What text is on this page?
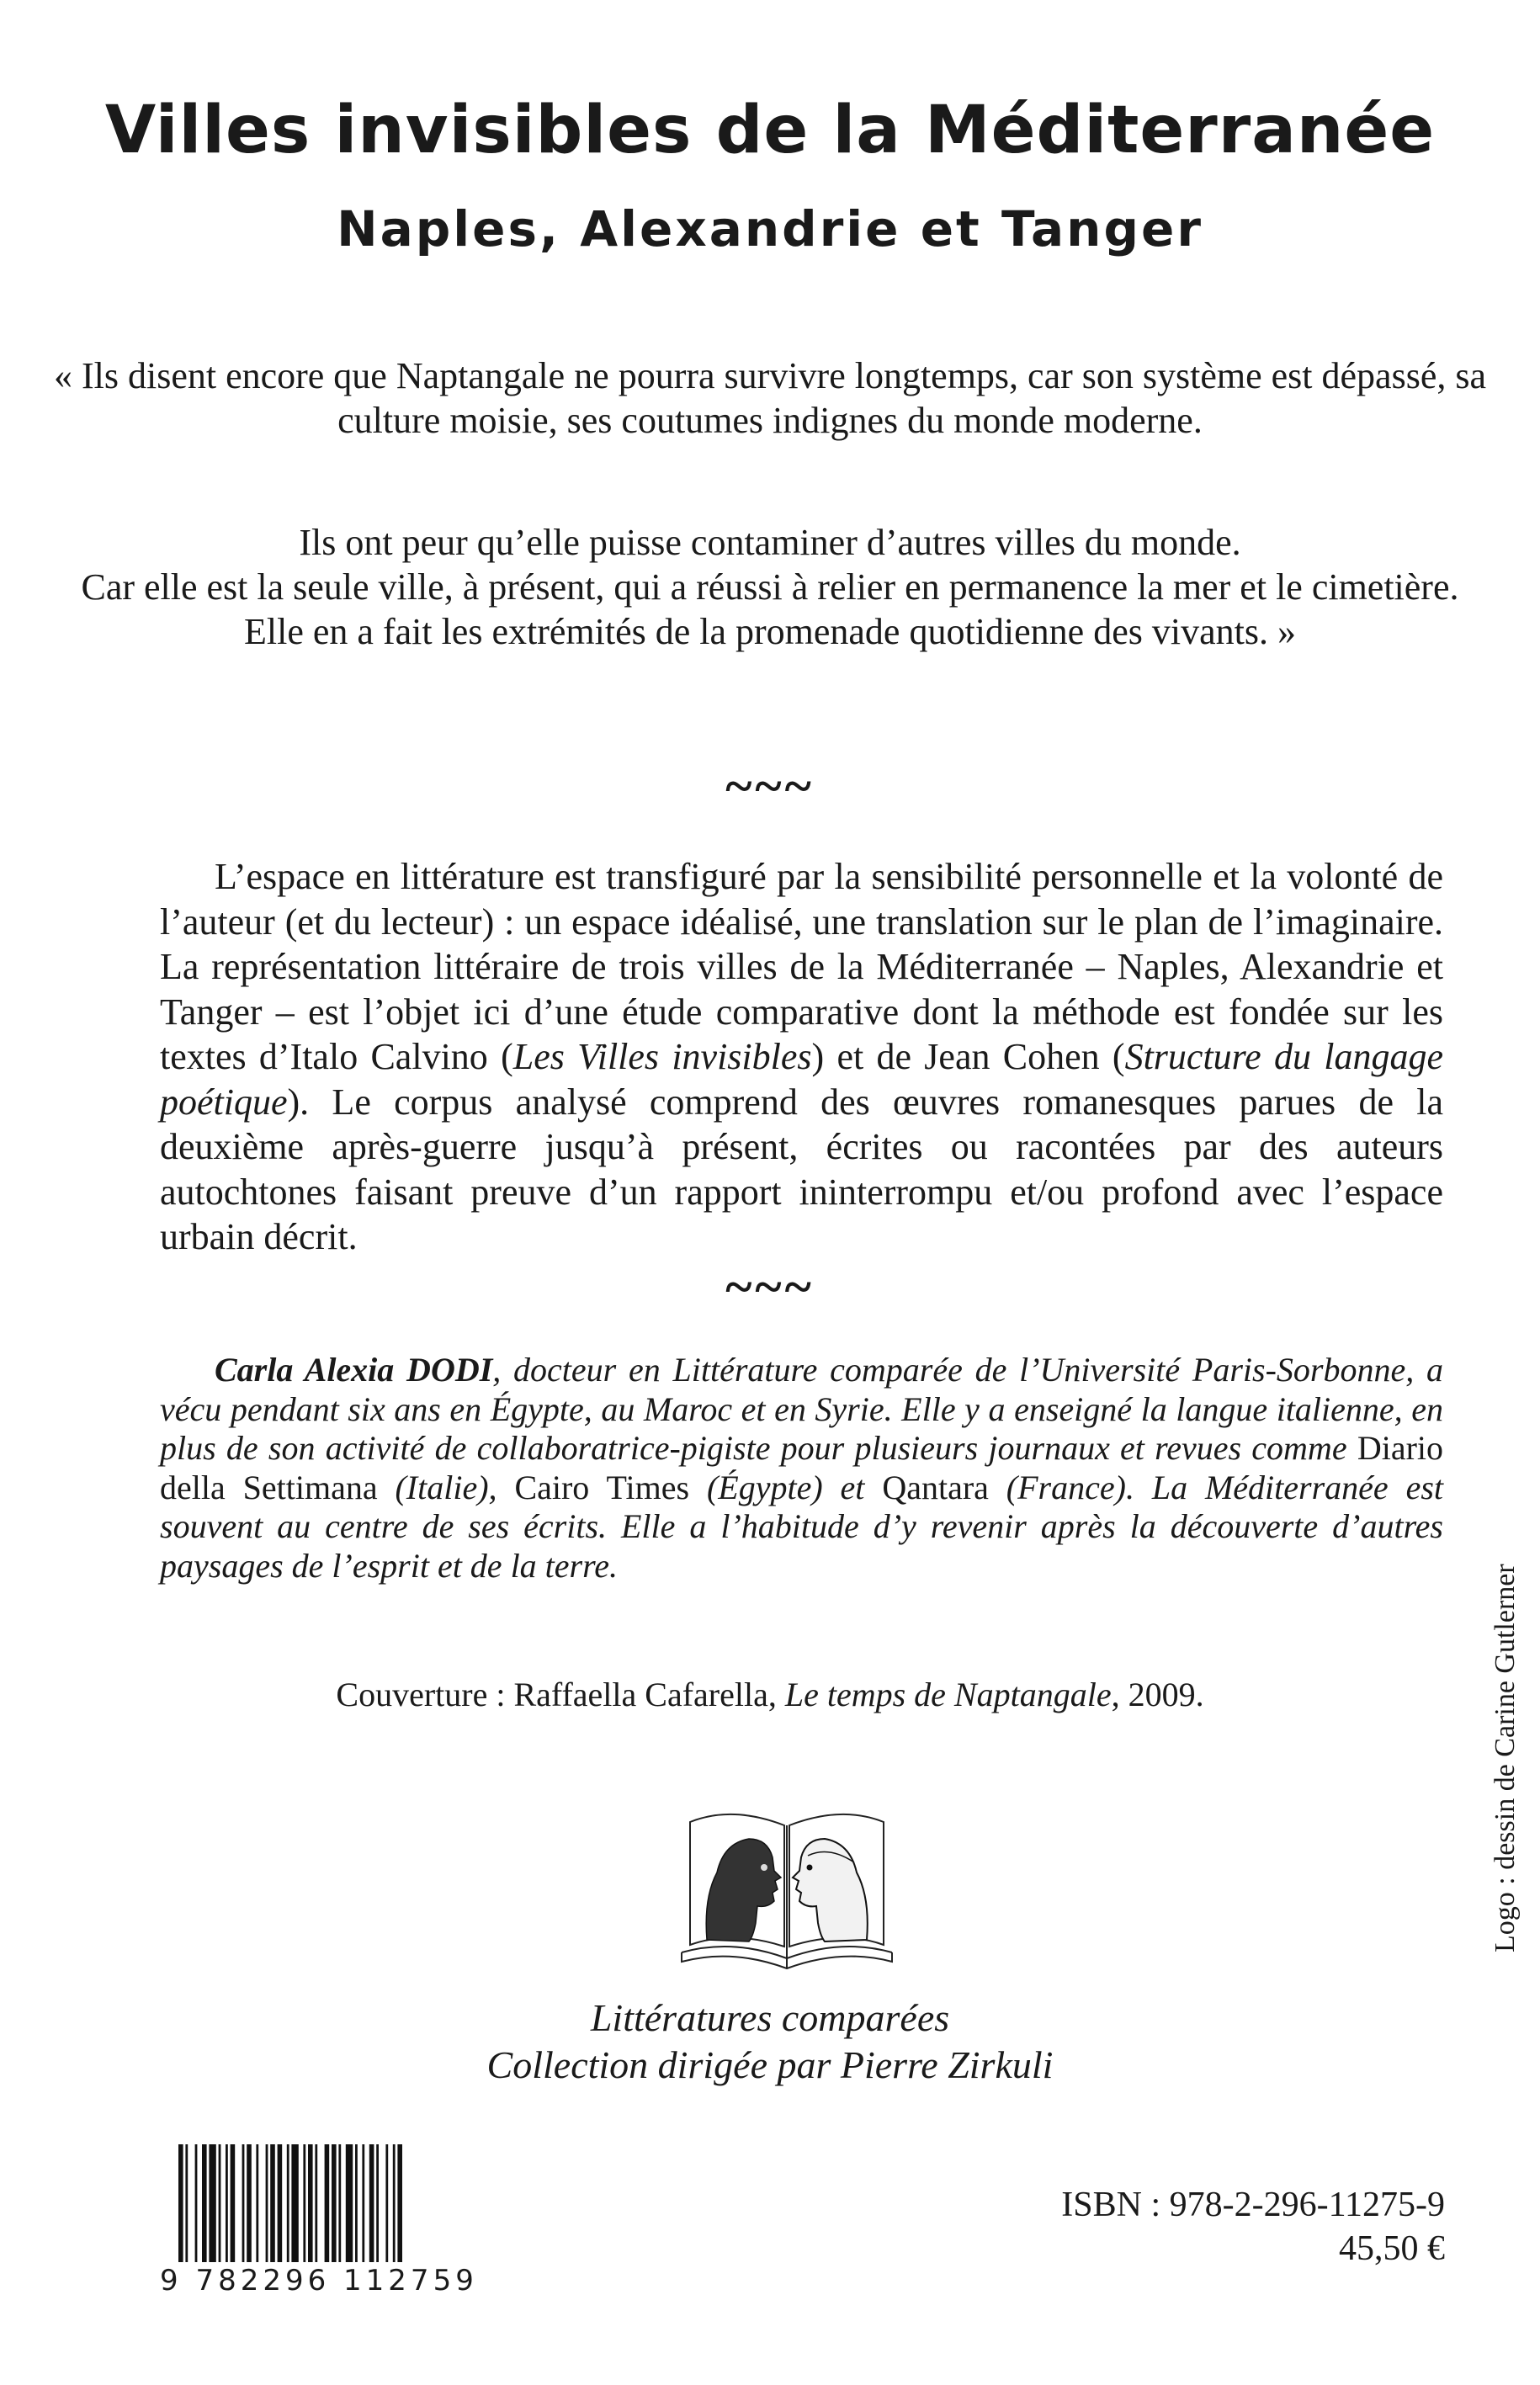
Villes invisibles de la Méditerranée
Naples, Alexandrie et Tanger

« Ils disent encore que Naptangale ne pourra survivre longtemps, car son système est dépassé, sa culture moisie, ses coutumes indignes du monde moderne.

Ils ont peur qu’elle puisse contaminer d’autres villes du monde.
Car elle est la seule ville, à présent, qui a réussi à relier en permanence la mer et le cimetière.
Elle en a fait les extrémités de la promenade quotidienne des vivants. »

~~~

L’espace en littérature est transfiguré par la sensibilité personnelle et la volonté de l’auteur (et du lecteur) : un espace idéalisé, une translation sur le plan de l’imaginaire. La représentation littéraire de trois villes de la Méditerranée – Naples, Alexandrie et Tanger – est l’objet ici d’une étude comparative dont la méthode est fondée sur les textes d’Italo Calvino (Les Villes invisibles) et de Jean Cohen (Structure du langage poétique). Le corpus analysé comprend des œuvres romanesques parues de la deuxième après-guerre jusqu’à présent, écrites ou racontées par des auteurs autochtones faisant preuve d’un rapport ininterrompu et/ou profond avec l’espace urbain décrit.

~~~

Carla Alexia DODI, docteur en Littérature comparée de l’Université Paris-Sorbonne, a vécu pendant six ans en Égypte, au Maroc et en Syrie. Elle y a enseigné la langue italienne, en plus de son activité de collaboratrice-pigiste pour plusieurs journaux et revues comme Diario della Settimana (Italie), Cairo Times (Égypte) et Qantara (France). La Méditerranée est souvent au centre de ses écrits. Elle a l’habitude d’y revenir après la découverte d’autres paysages de l’esprit et de la terre.

Couverture : Raffaella Cafarella, Le temps de Naptangale, 2009.

Littératures comparées
Collection dirigée par Pierre Zirkuli

Logo : dessin de Carine Gutlerner
9 782296 112759

ISBN : 978-2-296-11275-9

45,50 €
